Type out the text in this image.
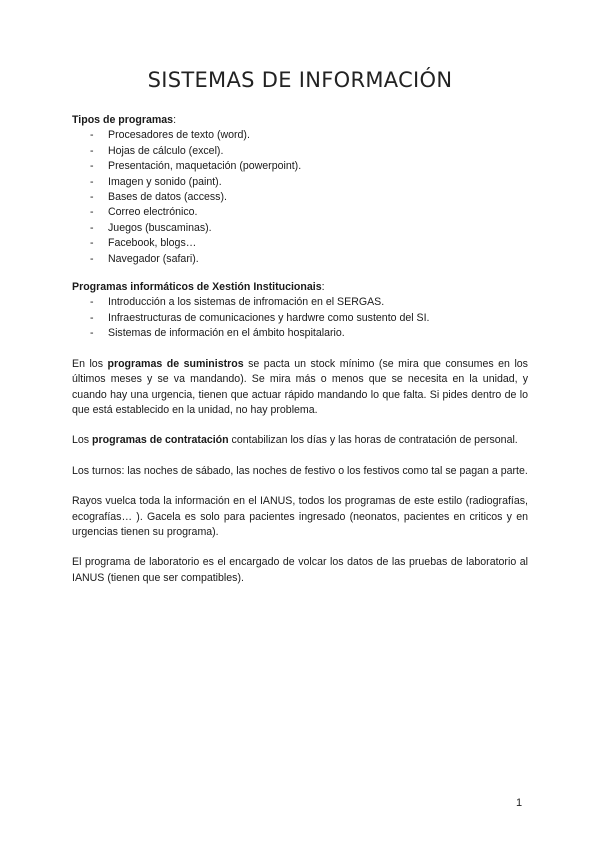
SISTEMAS DE INFORMACIÓN

Tipos de programas:

- Procesadores de texto (word).
- Hojas de cálculo (excel).
- Presentación, maquetación (powerpoint).
- Imagen y sonido (paint).
- Bases de datos (access).
- Correo electrónico.
- Juegos (buscaminas).
- Facebook, blogs…
- Navegador (safari).

Programas informáticos de Xestión Institucionais:

- Introducción a los sistemas de infromación en el SERGAS.
- Infraestructuras de comunicaciones y hardwre como sustento del SI.
- Sistemas de información en el ámbito hospitalario.

En los programas de suministros se pacta un stock mínimo (se mira que consumes en los últimos meses y se va mandando). Se mira más o menos que se necesita en la unidad, y cuando hay una urgencia, tienen que actuar rápido mandando lo que falta. Si pides dentro de lo que está establecido en la unidad, no hay problema.

Los programas de contratación contabilizan los días y las horas de contratación de personal.

Los turnos: las noches de sábado, las noches de festivo o los festivos como tal se pagan a parte.

Rayos vuelca toda la información en el IANUS, todos los programas de este estilo (radiografías, ecografías… ). Gacela es solo para pacientes ingresado (neonatos, pacientes en criticos y en urgencias tienen su programa).

El programa de laboratorio es el encargado de volcar los datos de las pruebas de laboratorio al IANUS (tienen que ser compatibles).

1
